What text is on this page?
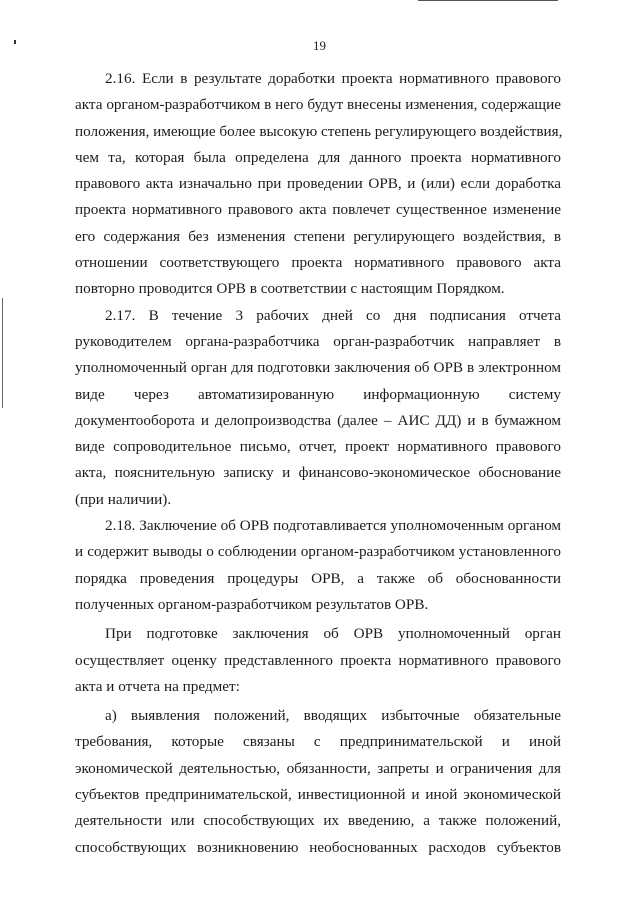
19
2.16. Если в результате доработки проекта нормативного правового
акта органом-разработчиком в него будут внесены изменения, содержащие
положения, имеющие более высокую степень регулирующего воздействия,
чем та, которая была определена для данного проекта нормативного
правового акта изначально при проведении ОРВ, и (или) если доработка
проекта нормативного правового акта повлечет существенное изменение
его содержания без изменения степени регулирующего воздействия, в
отношении соответствующего проекта нормативного правового акта
повторно проводится ОРВ в соответствии с настоящим Порядком.
2.17. В течение 3 рабочих дней со дня подписания отчета
руководителем органа-разработчика орган-разработчик направляет в
уполномоченный орган для подготовки заключения об ОРВ в электронном
виде через автоматизированную информационную систему
документооборота и делопроизводства (далее – АИС ДД) и в бумажном
виде сопроводительное письмо, отчет, проект нормативного правового
акта, пояснительную записку и финансово-экономическое обоснование
(при наличии).
2.18. Заключение об ОРВ подготавливается уполномоченным органом
и содержит выводы о соблюдении органом-разработчиком установленного
порядка проведения процедуры ОРВ, а также об обоснованности
полученных органом-разработчиком результатов ОРВ.
При подготовке заключения об ОРВ уполномоченный орган
осуществляет оценку представленного проекта нормативного правового
акта и отчета на предмет:
а) выявления положений, вводящих избыточные обязательные
требования, которые связаны с предпринимательской и иной
экономической деятельностью, обязанности, запреты и ограничения для
субъектов предпринимательской, инвестиционной и иной экономической
деятельности или способствующих их введению, а также положений,
способствующих возникновению необоснованных расходов субъектов
